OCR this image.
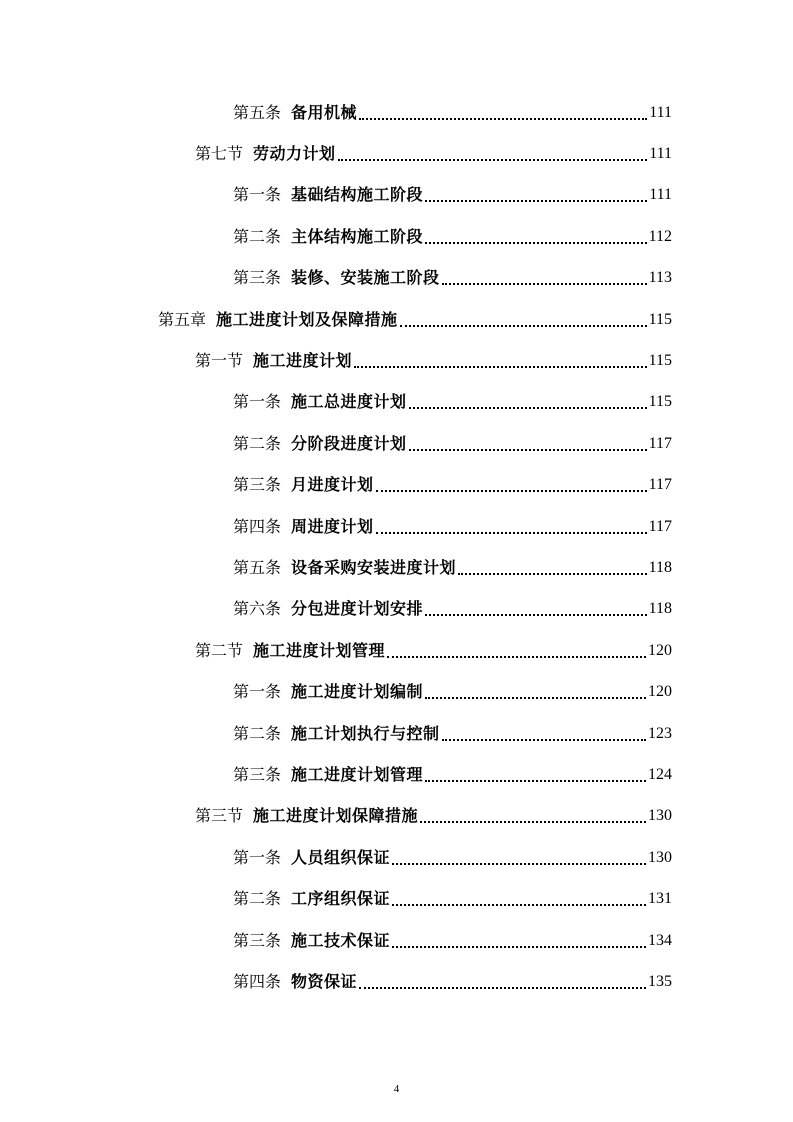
第五条 备用机械	111
第七节 劳动力计划	111
第一条 基础结构施工阶段	111
第二条 主体结构施工阶段	112
第三条 装修、安装施工阶段	113
第五章 施工进度计划及保障措施	115
第一节 施工进度计划	115
第一条 施工总进度计划	115
第二条 分阶段进度计划	117
第三条 月进度计划	117
第四条 周进度计划	117
第五条 设备采购安装进度计划	118
第六条 分包进度计划安排	118
第二节 施工进度计划管理	120
第一条 施工进度计划编制	120
第二条 施工计划执行与控制	123
第三条 施工进度计划管理	124
第三节 施工进度计划保障措施	130
第一条 人员组织保证	130
第二条 工序组织保证	131
第三条 施工技术保证	134
第四条 物资保证	135
4
